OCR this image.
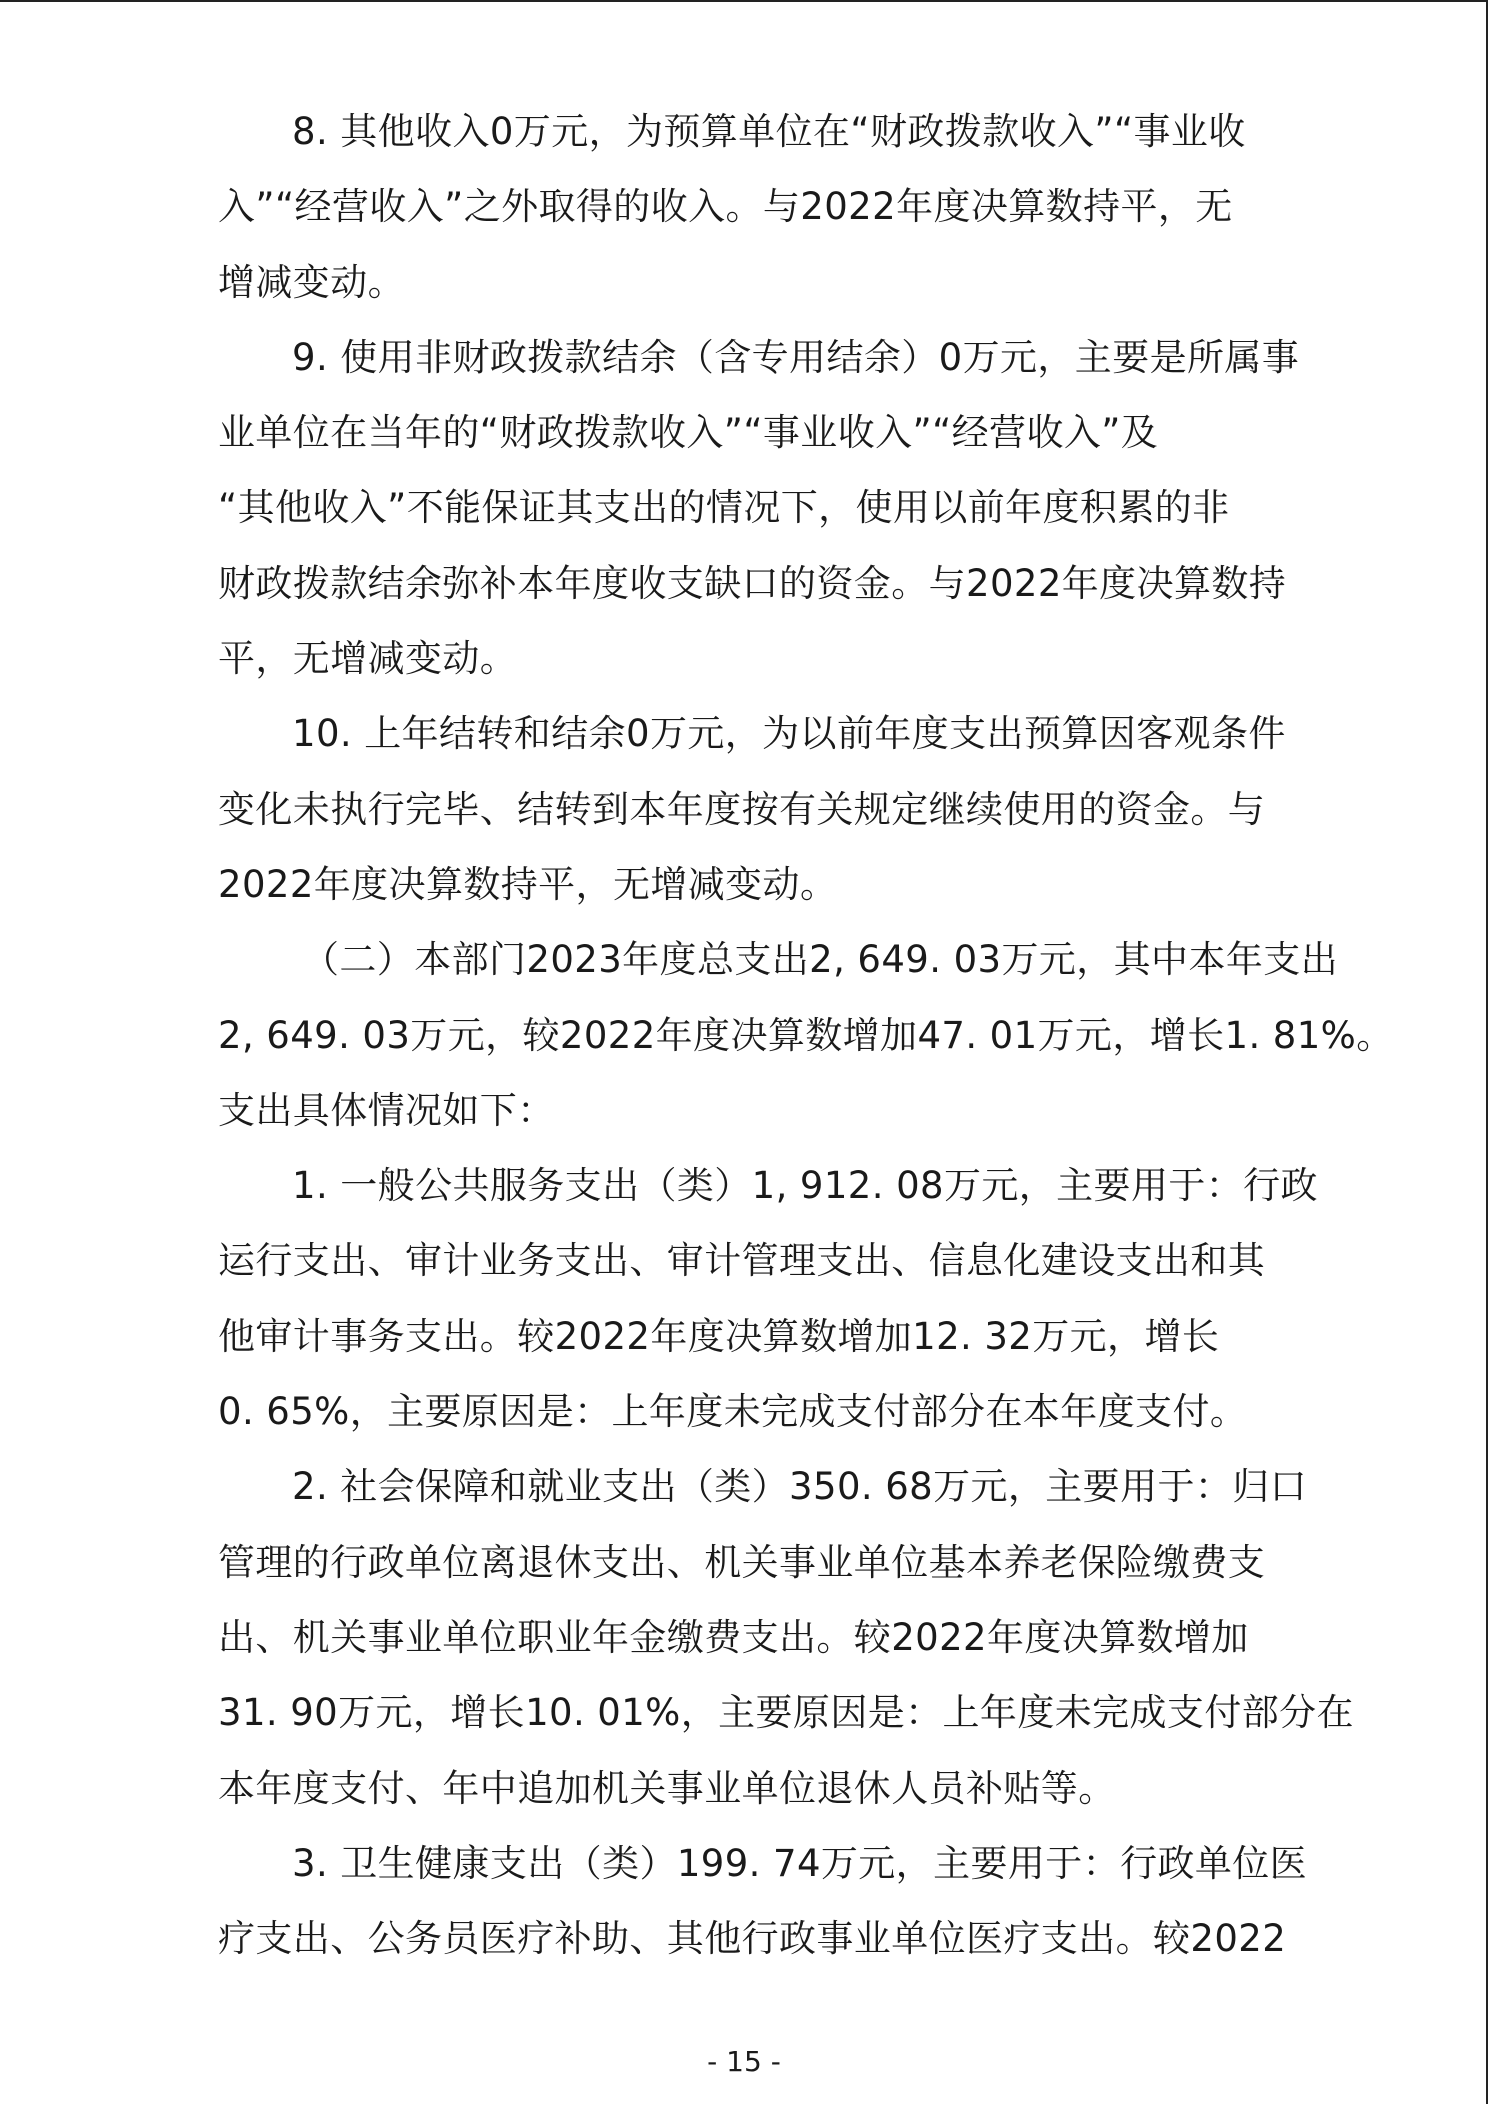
8. 其他收入0万元，为预算单位在“财政拨款收入”“事业收
入”“经营收入”之外取得的收入。与2022年度决算数持平，无
增减变动。
9. 使用非财政拨款结余（含专用结余）0万元，主要是所属事
业单位在当年的“财政拨款收入”“事业收入”“经营收入”及
“其他收入”不能保证其支出的情况下，使用以前年度积累的非
财政拨款结余弥补本年度收支缺口的资金。与2022年度决算数持
平，无增减变动。
10. 上年结转和结余0万元，为以前年度支出预算因客观条件
变化未执行完毕、结转到本年度按有关规定继续使用的资金。与
2022年度决算数持平，无增减变动。
（二）本部门2023年度总支出2, 649. 03万元，其中本年支出
2, 649. 03万元，较2022年度决算数增加47. 01万元，增长1. 81%。
支出具体情况如下：
1. 一般公共服务支出（类）1, 912. 08万元，主要用于：行政
运行支出、审计业务支出、审计管理支出、信息化建设支出和其
他审计事务支出。较2022年度决算数增加12. 32万元，增长
0. 65%，主要原因是：上年度未完成支付部分在本年度支付。
2. 社会保障和就业支出（类）350. 68万元，主要用于：归口
管理的行政单位离退休支出、机关事业单位基本养老保险缴费支
出、机关事业单位职业年金缴费支出。较2022年度决算数增加
31. 90万元，增长10. 01%，主要原因是：上年度未完成支付部分在
本年度支付、年中追加机关事业单位退休人员补贴等。
3. 卫生健康支出（类）199. 74万元，主要用于：行政单位医
疗支出、公务员医疗补助、其他行政事业单位医疗支出。较2022
- 15 -
